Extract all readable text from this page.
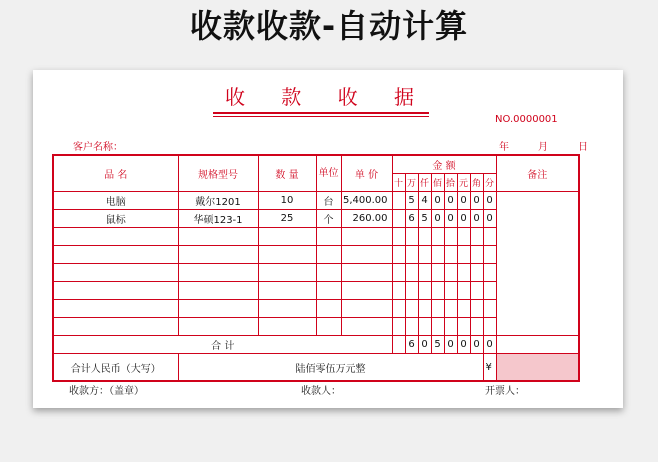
收款收款-自动计算
收 款 收 据
NO.0000001
客户名称：	年	月	日
品 名	规格型号	数 量	单位	单 价	金 额								备注
					十	万	仟	佰	拾	元	角	分	
电脑	戴尔1201	10	台	5,400.00		5	4	0	0	0	0	0	
鼠标	华硕123-1	25	个	260.00		6	5	0	0	0	0	0	

合 计						6	0	5	0	0	0	0	
合计人民币（大写）	陆佰零伍万元整											¥	
收款方：（盖章）	收款人：	开票人：
